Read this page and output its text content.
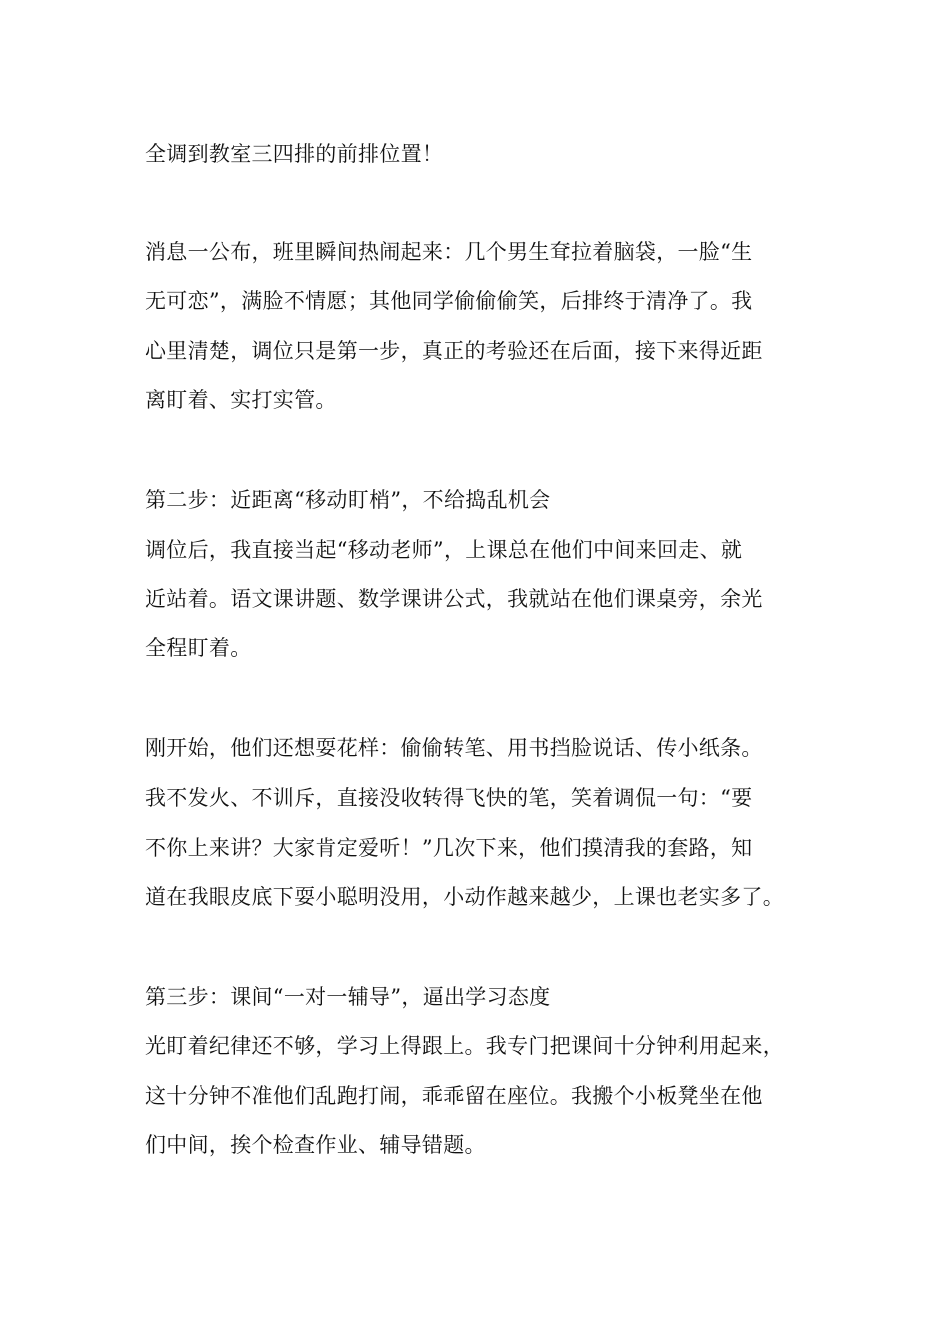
全调到教室三四排的前排位置！
消息一公布，班里瞬间热闹起来：几个男生耷拉着脑袋，一脸“生
无可恋”，满脸不情愿；其他同学偷偷偷笑，后排终于清净了。我
心里清楚，调位只是第一步，真正的考验还在后面，接下来得近距
离盯着、实打实管。
第二步：近距离“移动盯梢”，不给捣乱机会
调位后，我直接当起“移动老师”，上课总在他们中间来回走、就
近站着。语文课讲题、数学课讲公式，我就站在他们课桌旁，余光
全程盯着。
刚开始，他们还想耍花样：偷偷转笔、用书挡脸说话、传小纸条。
我不发火、不训斥，直接没收转得飞快的笔，笑着调侃一句：“要
不你上来讲？大家肯定爱听！”几次下来，他们摸清我的套路，知
道在我眼皮底下耍小聪明没用，小动作越来越少，上课也老实多了。
第三步：课间“一对一辅导”，逼出学习态度
光盯着纪律还不够，学习上得跟上。我专门把课间十分钟利用起来，
这十分钟不准他们乱跑打闹，乖乖留在座位。我搬个小板凳坐在他
们中间，挨个检查作业、辅导错题。
